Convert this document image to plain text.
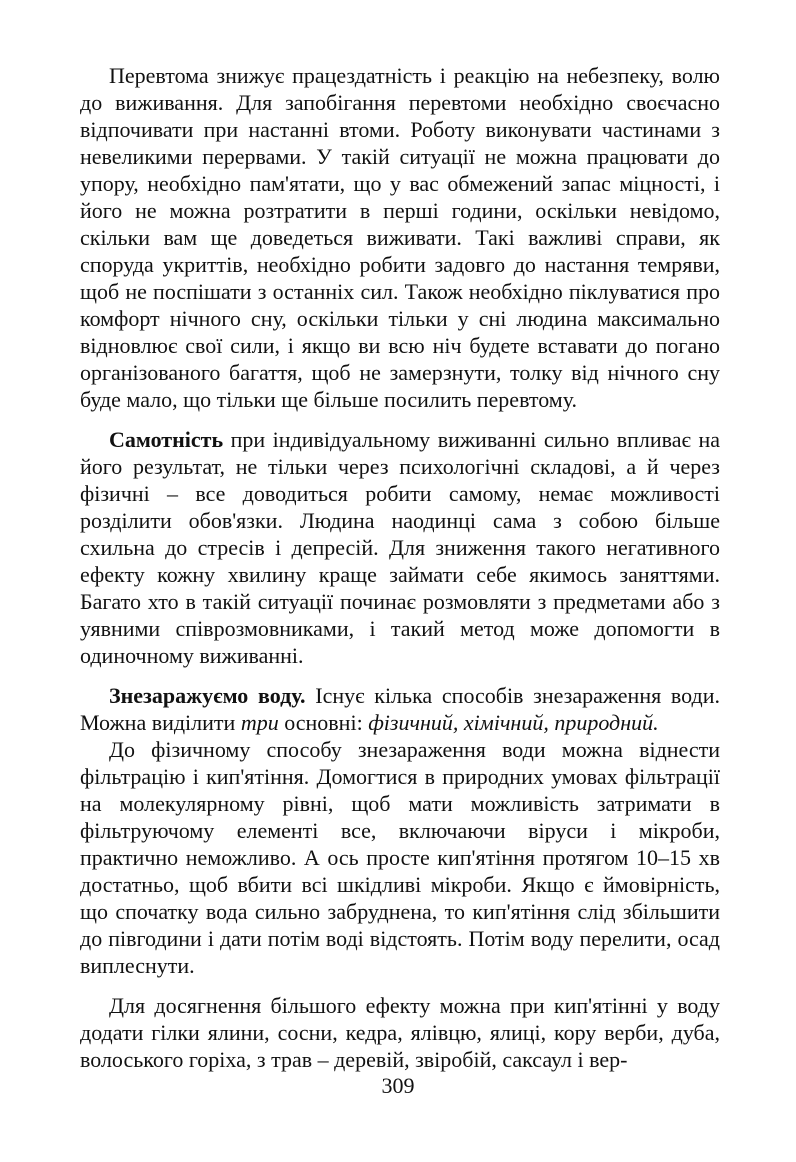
Перевтома знижує працездатність і реакцію на небезпеку, волю до виживання. Для запобігання перевтоми необхідно своєчасно відпочивати при настанні втоми. Роботу виконувати частинами з невеликими перервами. У такій ситуації не можна працювати до упору, необхідно пам'ятати, що у вас обмежений запас міцності, і його не можна розтратити в перші години, оскільки невідомо, скільки вам ще доведеться виживати. Такі важливі справи, як споруда укриттів, необхідно робити задовго до настання темряви, щоб не поспішати з останніх сил. Також необхідно піклуватися про комфорт нічного сну, оскільки тільки у сні людина максимально відновлює свої сили, і якщо ви всю ніч будете вставати до погано організованого багаття, щоб не замерзнути, толку від нічного сну буде мало, що тільки ще більше посилить перевтому.

Самотність при індивідуальному виживанні сильно впливає на його результат, не тільки через психологічні складові, а й через фізичні – все доводиться робити самому, немає можливості розділити обов'язки. Людина наодинці сама з собою більше схильна до стресів і депресій. Для зниження такого негативного ефекту кожну хвилину краще займати себе якимось заняттями. Багато хто в такій ситуації починає розмовляти з предметами або з уявними співрозмовниками, і такий метод може допомогти в одиночному виживанні.

Знезаражуємо воду. Існує кілька способів знезараження води. Можна виділити три основні: фізичний, хімічний, природний.

До фізичному способу знезараження води можна віднести фільтрацію і кип'ятіння. Домогтися в природних умовах фільтрації на молекулярному рівні, щоб мати можливість затримати в фільтруючому елементі все, включаючи віруси і мікроби, практично неможливо. А ось просте кип'ятіння протягом 10–15 хв достатньо, щоб вбити всі шкідливі мікроби. Якщо є ймовірність, що спочатку вода сильно забруднена, то кип'ятіння слід збільшити до півгодини і дати потім воді відстоять. Потім воду перелити, осад виплеснути.

Для досягнення більшого ефекту можна при кип'ятінні у воду додати гілки ялини, сосни, кедра, ялівцю, ялиці, кору верби, дуба, волоського горіха, з трав – деревій, звіробій, саксаул і вер-

309
